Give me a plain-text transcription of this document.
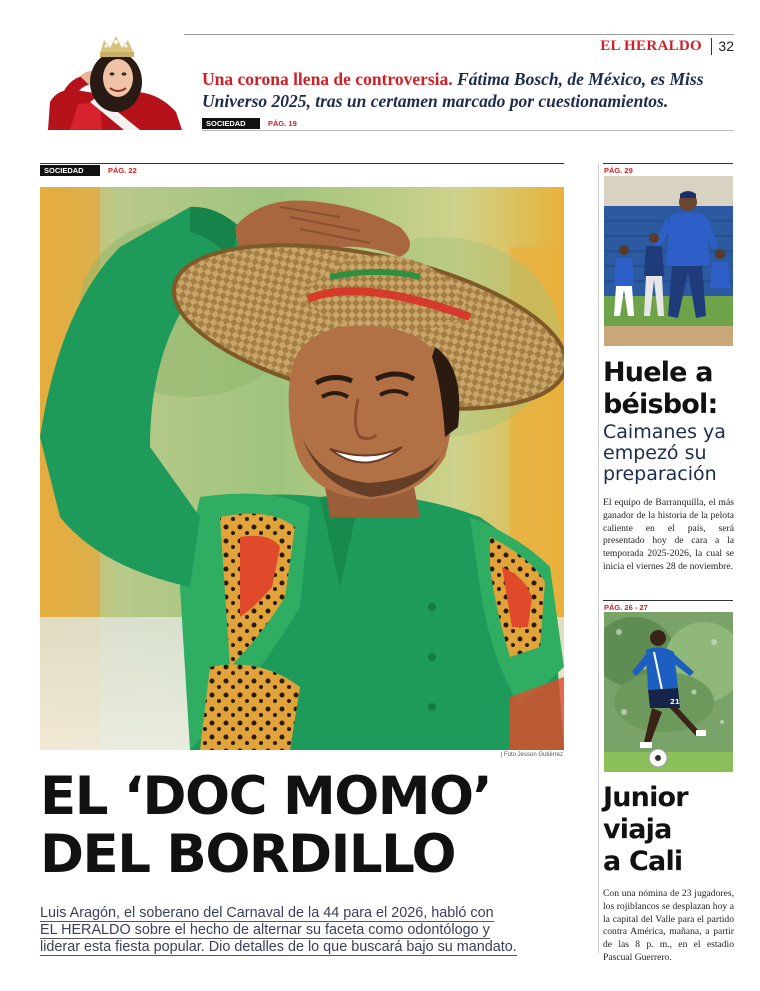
EL HERALDO 32
Una corona llena de controversia. Fátima Bosch, de México, es Miss Universo 2025, tras un certamen marcado por cuestionamientos.
SOCIEDAD	PÁG. 19
SOCIEDAD	PÁG. 22
| Foto Jesson Gutiérrez
EL ‘DOC MOMO’
DEL BORDILLO
Luis Aragón, el soberano del Carnaval de la 44 para el 2026, habló con
EL HERALDO sobre el hecho de alternar su faceta como odontólogo y
liderar esta fiesta popular. Dio detalles de lo que buscará bajo su mandato.
PÁG. 29
Huele a
béisbol:
Caimanes ya
empezó su
preparación
El equipo de Barranquilla, el más ganador de la historia de la pelota caliente en el país, será presentado hoy de cara a la temporada 2025-2026, la cual se inicia el viernes 28 de noviembre.
PÁG. 26 - 27
21
Junior
viaja
a Cali
Con una nómina de 23 jugadores, los rojiblancos se desplazan hoy a la capital del Valle para el partido contra América, mañana, a partir de las 8 p. m., en el estadio Pascual Guerrero.
